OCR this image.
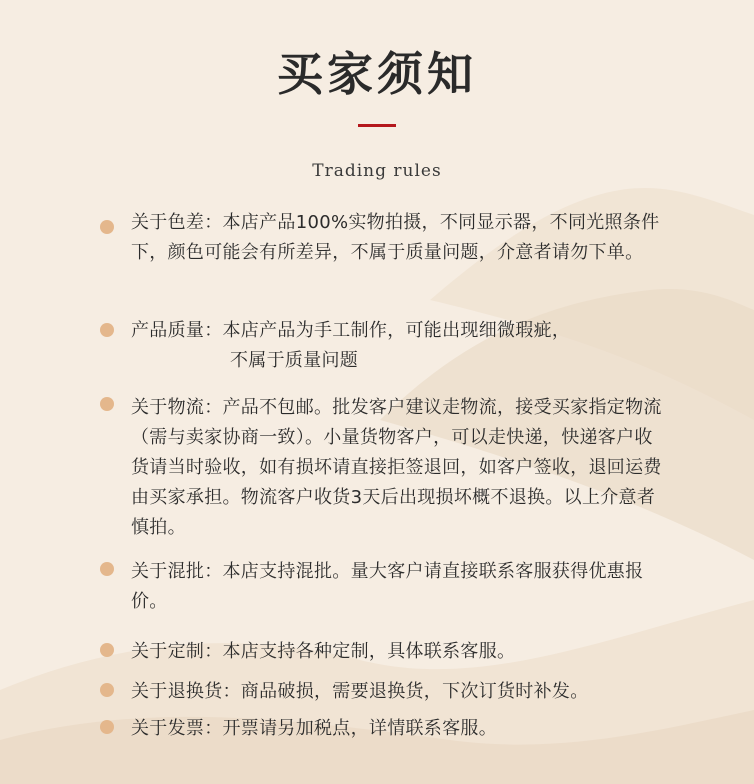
买家须知
Trading rules
关于色差：本店产品100%实物拍摄，不同显示器，不同光照条件下，颜色可能会有所差异，不属于质量问题，介意者请勿下单。
产品质量：本店产品为手工制作，可能出现细微瑕疵，
不属于质量问题
关于物流：产品不包邮。批发客户建议走物流，接受买家指定物流（需与卖家协商一致）。小量货物客户，可以走快递，快递客户收货请当时验收，如有损坏请直接拒签退回，如客户签收，退回运费由买家承担。物流客户收货3天后出现损坏概不退换。以上介意者慎拍。
关于混批：本店支持混批。量大客户请直接联系客服获得优惠报价。
关于定制：本店支持各种定制，具体联系客服。
关于退换货：商品破损，需要退换货，下次订货时补发。
关于发票：开票请另加税点，详情联系客服。
